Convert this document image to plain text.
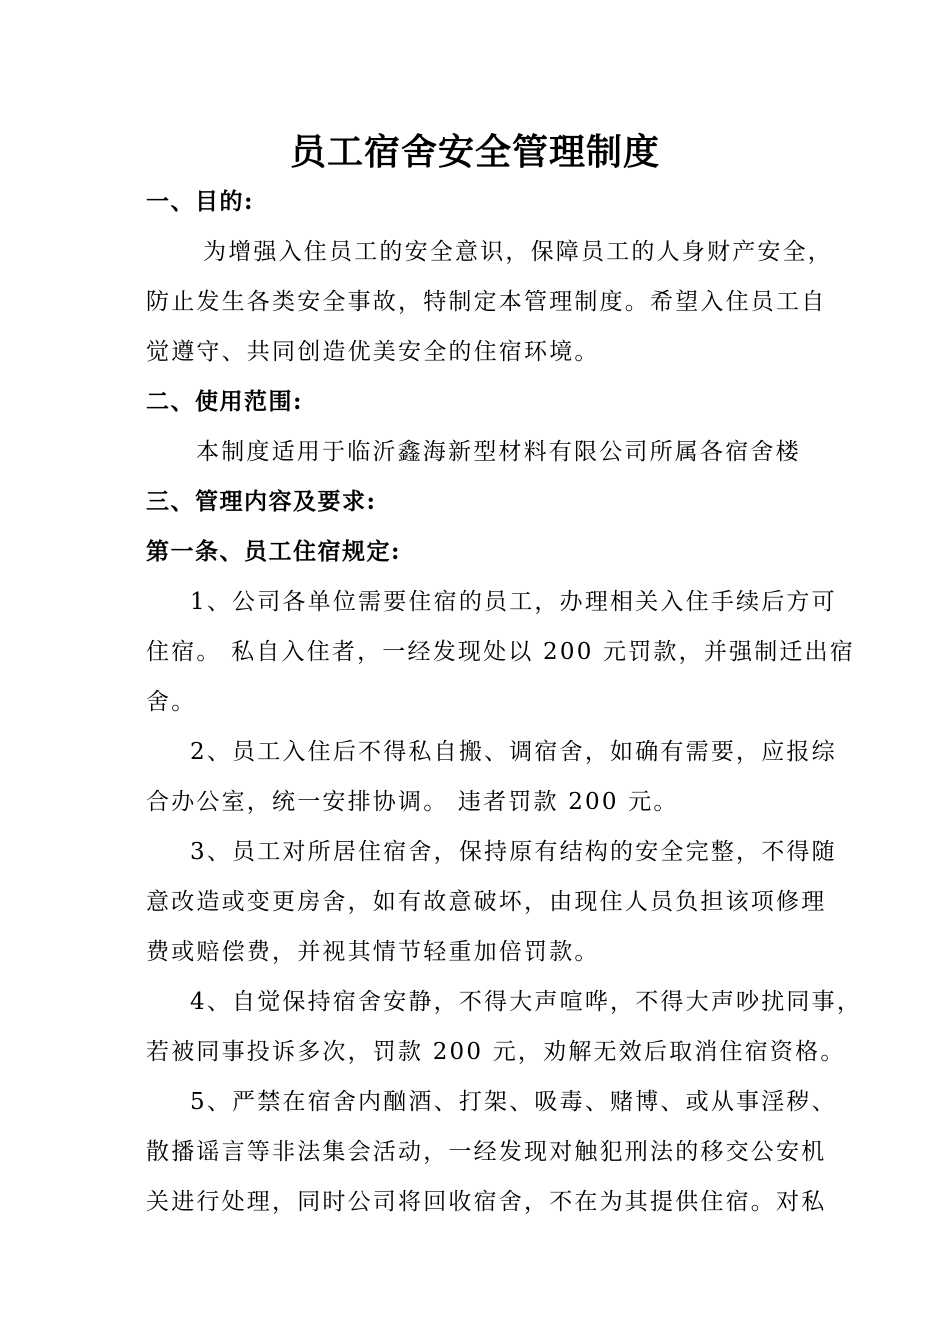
员工宿舍安全管理制度
一、目的:
为增强入住员工的安全意识，保障员工的人身财产安全，
防止发生各类安全事故，特制定本管理制度。希望入住员工自
觉遵守、共同创造优美安全的住宿环境。
二、使用范围:
本制度适用于临沂鑫海新型材料有限公司所属各宿舍楼
三、管理内容及要求:
第一条、员工住宿规定:
1、公司各单位需要住宿的员工，办理相关入住手续后方可
住宿。 私自入住者，一经发现处以 200 元罚款，并强制迁出宿
舍。
2、员工入住后不得私自搬、调宿舍，如确有需要，应报综
合办公室，统一安排协调。 违者罚款 200 元。
3、员工对所居住宿舍，保持原有结构的安全完整，不得随
意改造或变更房舍，如有故意破坏，由现住人员负担该项修理
费或赔偿费，并视其情节轻重加倍罚款。
4、自觉保持宿舍安静，不得大声喧哗，不得大声吵扰同事，
若被同事投诉多次，罚款 200 元，劝解无效后取消住宿资格。
5、严禁在宿舍内酗酒、打架、吸毒、赌博、或从事淫秽、
散播谣言等非法集会活动，一经发现对触犯刑法的移交公安机
关进行处理，同时公司将回收宿舍，不在为其提供住宿。对私
